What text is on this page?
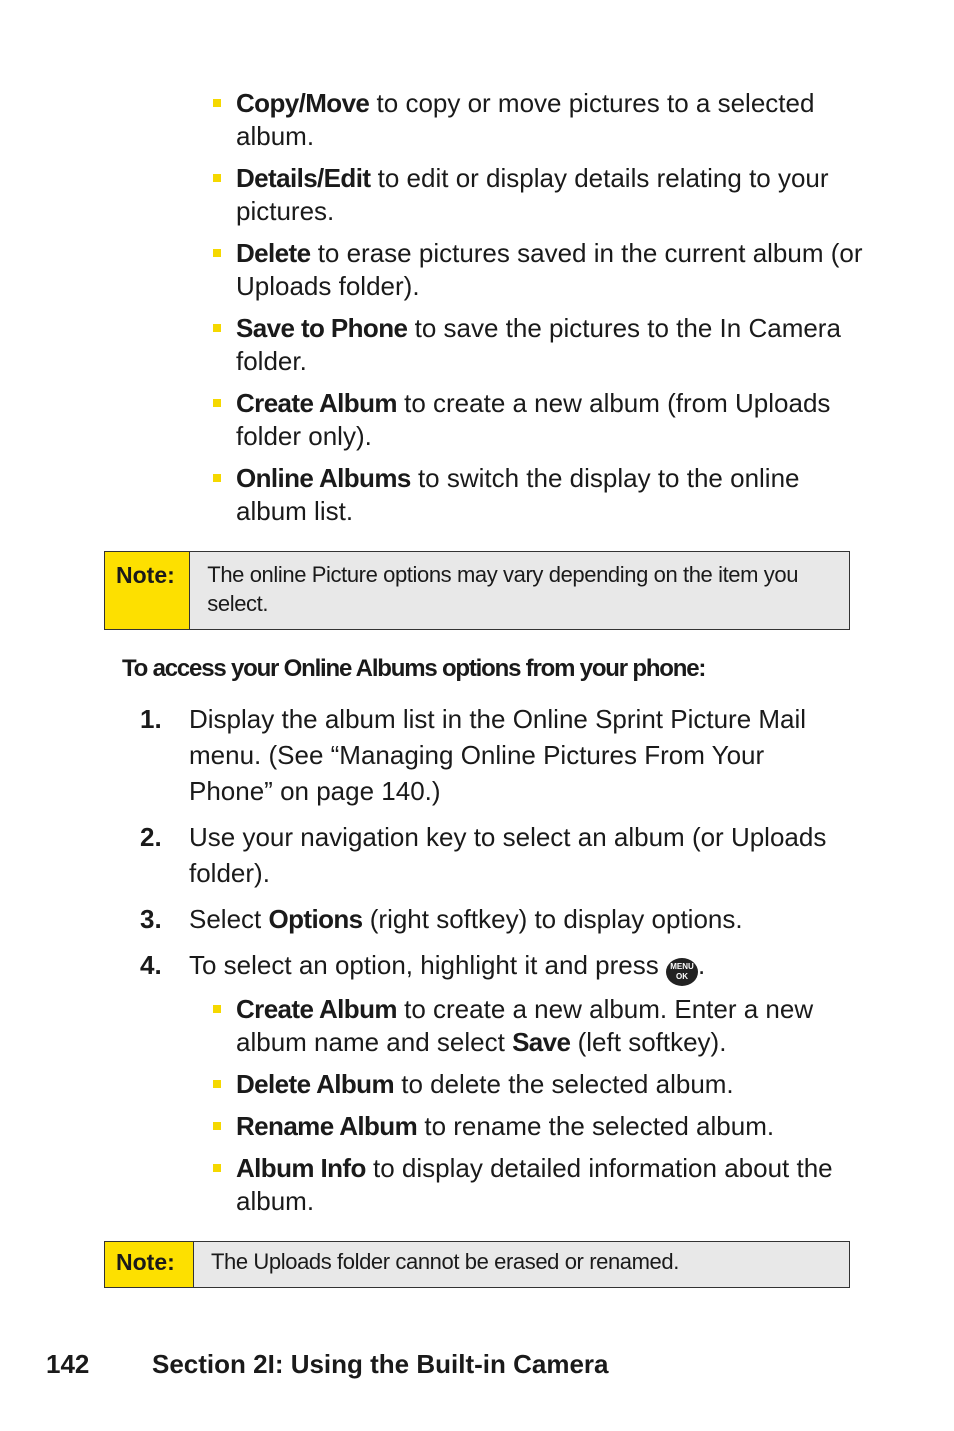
Copy/Move to copy or move pictures to a selected album.
Details/Edit to edit or display details relating to your pictures.
Delete to erase pictures saved in the current album (or Uploads folder).
Save to Phone to save the pictures to the In Camera folder.
Create Album to create a new album (from Uploads folder only).
Online Albums to switch the display to the online album list.
Note:	The online Picture options may vary depending on the item you select.
To access your Online Albums options from your phone:
1. Display the album list in the Online Sprint Picture Mail menu. (See “Managing Online Pictures From Your Phone” on page 140.)
2. Use your navigation key to select an album (or Uploads folder).
3. Select Options (right softkey) to display options.
4. To select an option, highlight it and press MENU
OK .
Create Album to create a new album. Enter a new album name and select Save (left softkey).
Delete Album to delete the selected album.
Rename Album to rename the selected album.
Album Info to display detailed information about the album.
Note:	The Uploads folder cannot be erased or renamed.
142 Section 2I: Using the Built-in Camera
